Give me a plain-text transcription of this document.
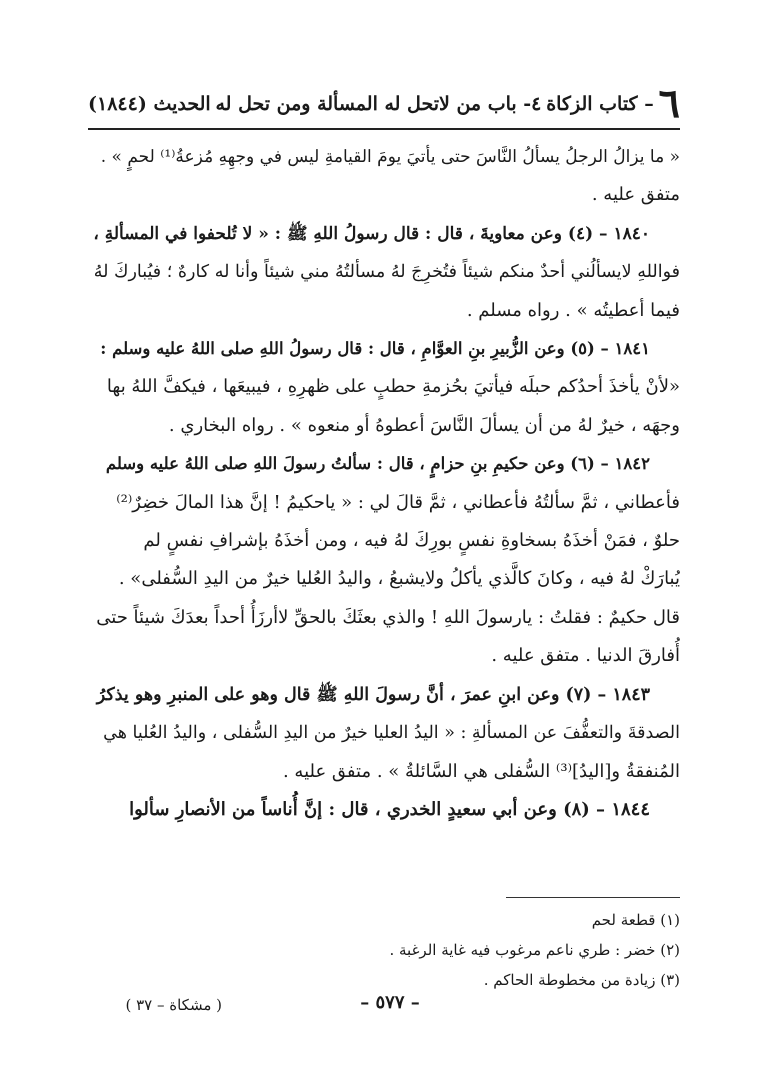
٦
– كتاب الزكاة
٤- باب من لاتحل له المسألة ومن تحل له
الحديث (١٨٤٤)
« ما يزالُ الرجلُ يسألُ النَّاسَ حتى يأتيَ يومَ القيامةِ ليس في وجهِهِ مُزعةُ⁽¹⁾ لحمٍ » .
متفق عليه .
١٨٤٠ – (٤) وعن معاويةَ ، قال : قال رسولُ اللهِ ﷺ : « لا تُلحفوا في المسألةِ ،
فواللهِ لايسألُني أحدٌ منكم شيئاً فتُخرِجَ لهُ مسألتُهُ مني شيئاً وأنا له كارهٌ ؛ فيُباركَ لهُ
فيما أعطيتُه » . رواه مسلم .
١٨٤١ – (٥) وعن الزُّبيرِ بنِ العوَّامِ ، قال : قال رسولُ اللهِ صلى اللهُ عليه وسلم :
«لأنْ يأخذَ أحدُكم حبلَه فيأتيَ بحُزمةِ حطبٍ على ظهرِهِ ، فيبيعَها ، فيكفَّ اللهُ بها
وجهَه ، خيرٌ لهُ من أن يسألَ النَّاسَ أعطوهُ أو منعوه » . رواه البخاري .
١٨٤٢ – (٦) وعن حكيمِ بنِ حزامٍ ، قال : سألتُ رسولَ اللهِ صلى اللهُ عليه وسلم
فأعطاني ، ثمَّ سألتُهُ فأعطاني ، ثمَّ قالَ لي : « ياحكيمُ ! إنَّ هذا المالَ خضِرٌ⁽²⁾
حلوٌ ، فمَنْ أخذَهُ بسخاوةِ نفسٍ بورِكَ لهُ فيه ، ومن أخذَهُ بإشرافِ نفسٍ لم
يُبارَكْ لهُ فيه ، وكانَ كالَّذي يأكلُ ولايشبعُ ، واليدُ العُليا خيرٌ من اليدِ السُّفلى» .
قال حكيمٌ : فقلتُ : يارسولَ اللهِ ! والذي بعثَكَ بالحقِّ لاأرزَأُ أحداً بعدَكَ شيئاً حتى
أُفارقَ الدنيا . متفق عليه .
١٨٤٣ – (٧) وعن ابنِ عمرَ ، أنَّ رسولَ اللهِ ﷺ قال وهو على المنبرِ وهو يذكرُ
الصدقةَ والتعفُّفَ عن المسألةِ : « اليدُ العليا خيرٌ من اليدِ السُّفلى ، واليدُ العُليا هي
المُنفقةُ و[اليدُ]⁽³⁾ السُّفلى هي السَّائلةُ » . متفق عليه .
١٨٤٤ – (٨) وعن أبي سعيدٍ الخدري ، قال : إنَّ أُناساً من الأنصارِ سألوا
(١) قطعة لحم
(٢) خضر : طري ناعم مرغوب فيه غاية الرغبة .
(٣) زيادة من مخطوطة الحاكم .
– ٥٧٧ –
( مشكاة – ٣٧ )
